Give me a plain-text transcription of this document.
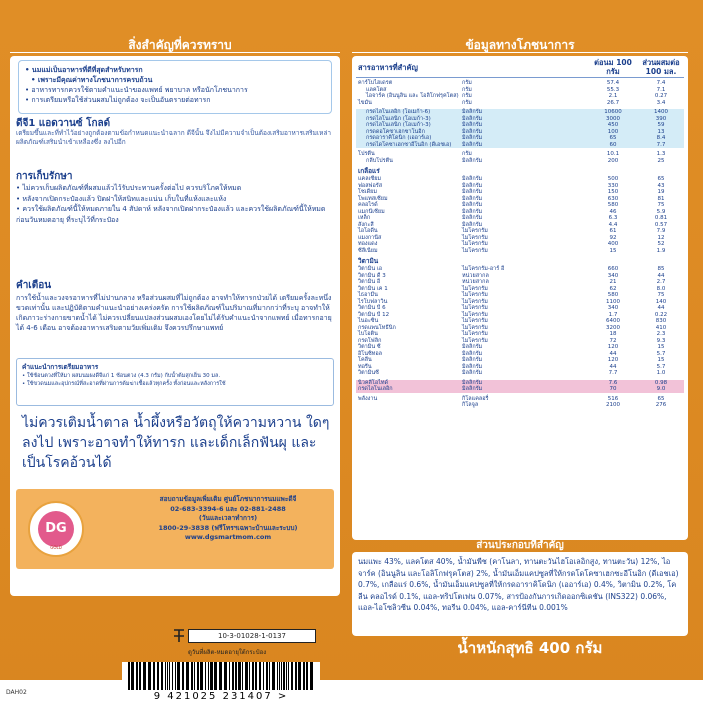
สิ่งสำคัญที่ควรทราบ
• นมแม่เป็นอาหารที่ดีที่สุดสำหรับทารก
• เพราะมีคุณค่าทางโภชนาการครบถ้วน
• อาหารทารกควรใช้ตามคำแนะนำของแพทย์ พยาบาล หรือนักโภชนาการ
• การเตรียมหรือใช้ส่วนผสมไม่ถูกต้อง จะเป็นอันตรายต่อทารก
ดีจี1 แอดวานซ์ โกลด์
เตรียมขึ้นและที่ทำไว้อย่างถูกต้องตามข้อกำหนดแนะนำฉลาก ดีจีนั้น จึงไม่มีความจำเป็นต้องเสริมอาหารเสริมเหล่า ผลิตภัณฑ์เสริมนำเข้าเหลืองซึ่ง ลงไปอีก
การเก็บรักษา
• ไม่ควรเก็บผลิตภัณฑ์ที่ผสมแล้วไว้รับประทานครั้งต่อไป ควรบริโภคให้หมด
• หลังจากเปิดกระป๋องแล้ว ปิดฝาให้สนิทและแน่น เก็บในที่แห้งและแห้ง
• ควรใช้ผลิตภัณฑ์นี้ให้หมดภายใน 4 สัปดาห์ หลังจากเปิดฝากระป๋องแล้ว และควรใช้ผลิตภัณฑ์นี้ให้หมดก่อนวันหมดอายุ ที่ระบุไว้ที่กระป๋อง
คำเตือน
การใช้น้ำและวงจรอาหารที่ไม่ปานกลาง หรือส่วนผสมที่ไม่ถูกต้อง อาจทำให้ทารกป่วยได้ เตรียมครั้งละหนึ่งขวดเท่านั้น และปฏิบัติตามคำแนะนำอย่างเคร่งครัด การใช้ผลิตภัณฑ์ในปริมาณที่มากกว่าที่ระบุ อาจทำให้เกิดภาวะร่างกายขาดน้ำได้ ไม่ควรเปลี่ยนแปลงส่วนผสมเองโดยไม่ได้รับคำแนะนำจากแพทย์ เมื่อทารกอายุได้ 4-6 เดือน อาจต้องอาหารเสริมตามวัยเพิ่มเติม จึงควรปรึกษาแพทย์
คำแนะนำการเตรียมอาหาร
• ใช้ช้อนตวงที่ให้มา ผสมนมผงดีจีแก่ 1 ช้อนตวง (4.3 กรัม) กับน้ำต้มสุกเย็น 30 มล.
• ใช้ขวดนมและอุปกรณ์ที่สะอาดที่ผ่านการต้มฆ่าเชื้อแล้วทุกครั้ง ทั้งก่อนและหลังการใช้
ไม่ควรเติมน้ำตาล น้ำผึ้งหรือวัตถุให้ความหวาน ใดๆลงไป เพราะอาจทำให้ทารก และเด็กเล็กฟันผุ และเป็นโรคอ้วนได้
DG
GOLD
สอบถามข้อมูลเพิ่มเติม ศูนย์โภชนาการนมแพะดีจี
02-683-3394-6 และ 02-881-2488
(วันและเวลาทำการ)
1800-29-3838 (ฟรีโทรฯเฉพาะบ้านและระบบ)
www.dgsmartmom.com
10-3-01028-1-0137
ดูวันที่ผลิต-หมดอายุใต้กระป๋อง
DAH02
ข้อมูลทางโภชนาการ
สารอาหารที่สำคัญ
ต่อนม 100 กรัม
ส่วนผสมต่อ 100 มล.
คาร์โบไฮเดรต	กรัม	57.4	7.4
แลคโตส	กรัม	55.3	7.1
ไอจาร์ค (อินนูลิน และ โอลิโกฟรุคโตส) กรัม	2.1	0.27
ไขมัน	กรัม	26.7	3.4
กรดไลโนเลอิก (โอเมก้า-6)	มิลลิกรัม	10600	1400
กรดไลโนเลนิก (โอเมก้า-3)	มิลลิกรัม	3000	390
กรดไลโนเลนิก (โอเมก้า-3)	มิลลิกรัม	450	59
กรดดอโคซาเฮกซาโนอิก	มิลลิกรัม	100	13
กรดอาราคิโดนิก (เออาร์เอ)	มิลลิกรัม	65	8.4
กรดไดโคซาเฮกซาอีโนอิก (ดีเอชเอ) มิลลิกรัม	60	7.7
โปรตีน	กรัม	10.1	1.3
กลีบโปรตีน	มิลลิกรัม	200	25
เกลือแร่
แคลเซียม	มิลลิกรัม	500	65
ฟอสฟอรัส	มิลลิกรัม	330	43
โซเดียม	มิลลิกรัม	150	19
โพแทสเซียม	มิลลิกรัม	630	81
คลอไรด์	มิลลิกรัม	580	75
แมกนีเซียม	มิลลิกรัม	46	5.9
เหล็ก	มิลลิกรัม	6.3	0.81
สังกะสี	มิลลิกรัม	4.4	0.57
ไอโอดีน	ไมโครกรัม	61	7.9
แมงกานีส	ไมโครกรัม	92	12
ทองแดง	ไมโครกรัม	400	52
ซีลีเนียม	ไมโครกรัม	15	1.9
วิตามิน
วิตามิน เอ	ไมโครกรัม-อาร์ อี	660	85
วิตามิน ดี 3	หน่วยสากล	340	44
วิตามิน อี	หน่วยสากล	21	2.7
วิตามิน เค 1	ไมโครกรัม	62	8.0
ไธอามีน	ไมโครกรัม	580	75
ไรโบฟลาวิน	ไมโครกรัม	1100	140
วิตามิน บี 6	ไมโครกรัม	340	44
วิตามิน บี 12	ไมโครกรัม	1.7	0.22
ไนอะซิน	ไมโครกรัม	6400	830
กรดแพนโทธีนิก	ไมโครกรัม	3200	410
ไบโอติน	ไมโครกรัม	18	2.3
กรดโฟลิก	ไมโครกรัม	72	9.3
วิตามิน ซี	มิลลิกรัม	120	15
อิโนซิทอล	มิลลิกรัม	44	5.7
โคลีน	มิลลิกรัม	120	15
ทอรีน	มิลลิกรัม	44	5.7
วิตามินซี	มิลลิกรัม	7.7	1.0
นิวคลีโอไทด์	มิลลิกรัม	7.6	0.98
กรดไลโนเลอิก	มิลลิกรัม	70	9.0
พลังงาน	กิโลแคลอรี่	516	65
กิโลจูล	2100	276
ส่วนประกอบที่สำคัญ
นมแพะ 43%, แลคโตส 40%, น้ำมันพืช (คาโนลา, ทานตะวันไฮโอเลอิกสูง, ทานตะวัน) 12%, ไอจาร์ค (อินนูลิน และโอลิโกฟรุคโตส) 2%, น้ำมันเอ็มแคปซูลที่ให้กรดโดโคซาเฮกซะอีโนอิก (ดีเอชเอ) 0.7%, เกลือแร่ 0.6%, น้ำมันเอ็มแคปซูลที่ให้กรดอาราคิโดนิก (เออาร์เอ) 0.4%, วิตามิน 0.2%, โคลีน คลอไรด์ 0.1%, แอล-ทริปโตเฟน 0.07%, สารป้องกันการเกิดออกซิเดชัน (INS322) 0.06%, แอล-ไอโซลิวซีน 0.04%, ทอรีน 0.04%, แอล-คาร์นีทีน 0.001%
ข้อมูลสำหรับผู้แพ้อาหาร : มีแลคโตส ผลิตภัณฑ์จากปลา และผลิตภัณฑ์จากถั่วเหลือง
น้ำหนักสุทธิ 400 กรัม
9 421025 231407 >
